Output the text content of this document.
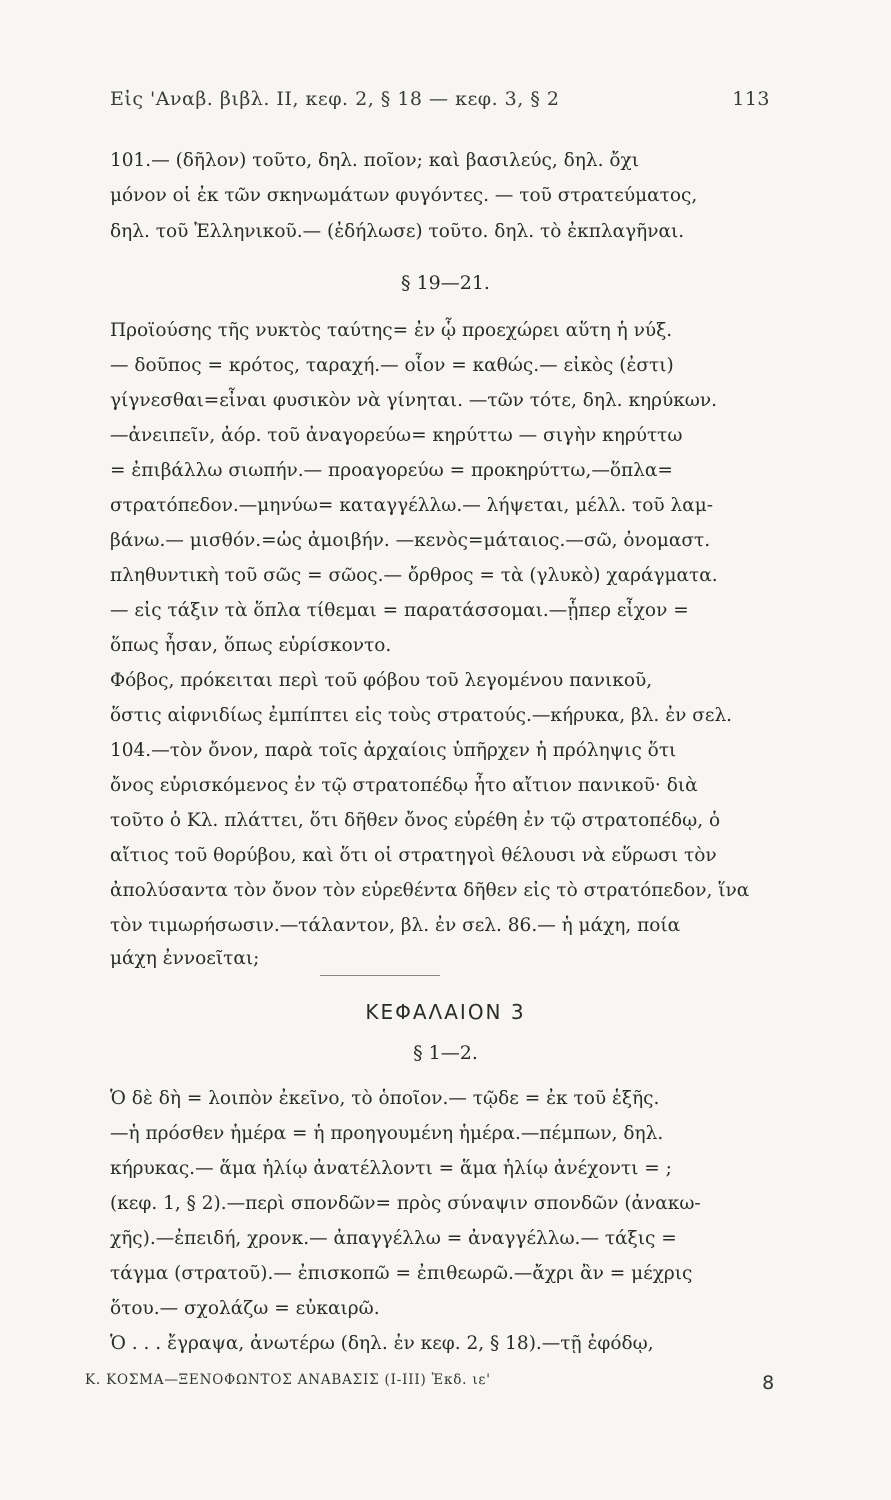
Εἰς 'Αναβ. βιβλ. ΙΙ, κεφ. 2, § 18 — κεφ. 3, § 2	113
101.— (δῆλον) τοῦτο, δηλ. ποῖον; καὶ βασιλεύς, δηλ. ὄχι
μόνον οἱ ἐκ τῶν σκηνωμάτων φυγόντες. — τοῦ στρατεύματος,
δηλ. τοῦ Ἑλληνικοῦ.— (ἐδήλωσε) τοῦτο. δηλ. τὸ ἐκπλαγῆναι.
§ 19—21.
Προϊούσης τῆς νυκτὸς ταύτης= ἐν ᾧ προεχώρει αὕτη ἡ νύξ.
— δοῦπος = κρότος, ταραχή.— οἷον = καθώς.— εἰκὸς (ἐστι)
γίγνεσθαι=εἶναι φυσικὸν νὰ γίνηται. —τῶν τότε, δηλ. κηρύκων.
—ἀνειπεῖν, ἀόρ. τοῦ ἀναγορεύω= κηρύττω — σιγὴν κηρύττω
= ἐπιβάλλω σιωπήν.— προαγορεύω = προκηρύττω,—ὅπλα=
στρατόπεδον.—μηνύω= καταγγέλλω.— λήψεται, μέλλ. τοῦ λαμ-
βάνω.— μισθόν.=ὡς ἀμοιβήν. —κενὸς=μάταιος.—σῶ, ὀνομαστ.
πληθυντικὴ τοῦ σῶς = σῶος.— ὄρθρος = τὰ (γλυκὸ) χαράγματα.
— εἰς τάξιν τὰ ὅπλα τίθεμαι = παρατάσσομαι.—ᾗπερ εἶχον =
ὅπως ἦσαν, ὅπως εὑρίσκοντο.
Φόβος, πρόκειται περὶ τοῦ φόβου τοῦ λεγομένου πανικοῦ,
ὅστις αἰφνιδίως ἐμπίπτει εἰς τοὺς στρατούς.—κήρυκα, βλ. ἐν σελ.
104.—τὸν ὄνον, παρὰ τοῖς ἀρχαίοις ὑπῆρχεν ἡ πρόληψις ὅτι
ὄνος εὑρισκόμενος ἐν τῷ στρατοπέδῳ ἦτο αἴτιον πανικοῦ· διὰ
τοῦτο ὁ Κλ. πλάττει, ὅτι δῆθεν ὄνος εὑρέθη ἐν τῷ στρατοπέδῳ, ὁ
αἴτιος τοῦ θορύβου, καὶ ὅτι οἱ στρατηγοὶ θέλουσι νὰ εὕρωσι τὸν
ἀπολύσαντα τὸν ὄνον τὸν εὑρεθέντα δῆθεν εἰς τὸ στρατόπεδον, ἵνα
τὸν τιμωρήσωσιν.—τάλαντον, βλ. ἐν σελ. 86.— ἡ μάχη, ποία
μάχη ἐννοεῖται;
ΚΕΦΑΛΑΙΟΝ 3
§ 1—2.
Ὁ δὲ δὴ = λοιπὸν ἐκεῖνο, τὸ ὁποῖον.— τῷδε = ἐκ τοῦ ἑξῆς.
—ἡ πρόσθεν ἡμέρα = ἡ προηγουμένη ἡμέρα.—πέμπων, δηλ.
κήρυκας.— ἅμα ἡλίῳ ἀνατέλλοντι = ἅμα ἡλίῳ ἀνέχοντι = ;
(κεφ. 1, § 2).—περὶ σπονδῶν= πρὸς σύναψιν σπονδῶν (ἀνακω-
χῆς).—ἐπειδή, χρονκ.— ἀπαγγέλλω = ἀναγγέλλω.— τάξις =
τάγμα (στρατοῦ).— ἐπισκοπῶ = ἐπιθεωρῶ.—ἄχρι ἂν = μέχρις
ὅτου.— σχολάζω = εὐκαιρῶ.
Ὁ . . . ἔγραψα, ἀνωτέρω (δηλ. ἐν κεφ. 2, § 18).—τῇ ἐφόδῳ,
Κ. ΚΟΣΜΑ—ΞΕΝΟΦΩΝΤΟΣ ΑΝΑΒΑΣΙΣ (I-III) Ἐκδ. ιε'	8
